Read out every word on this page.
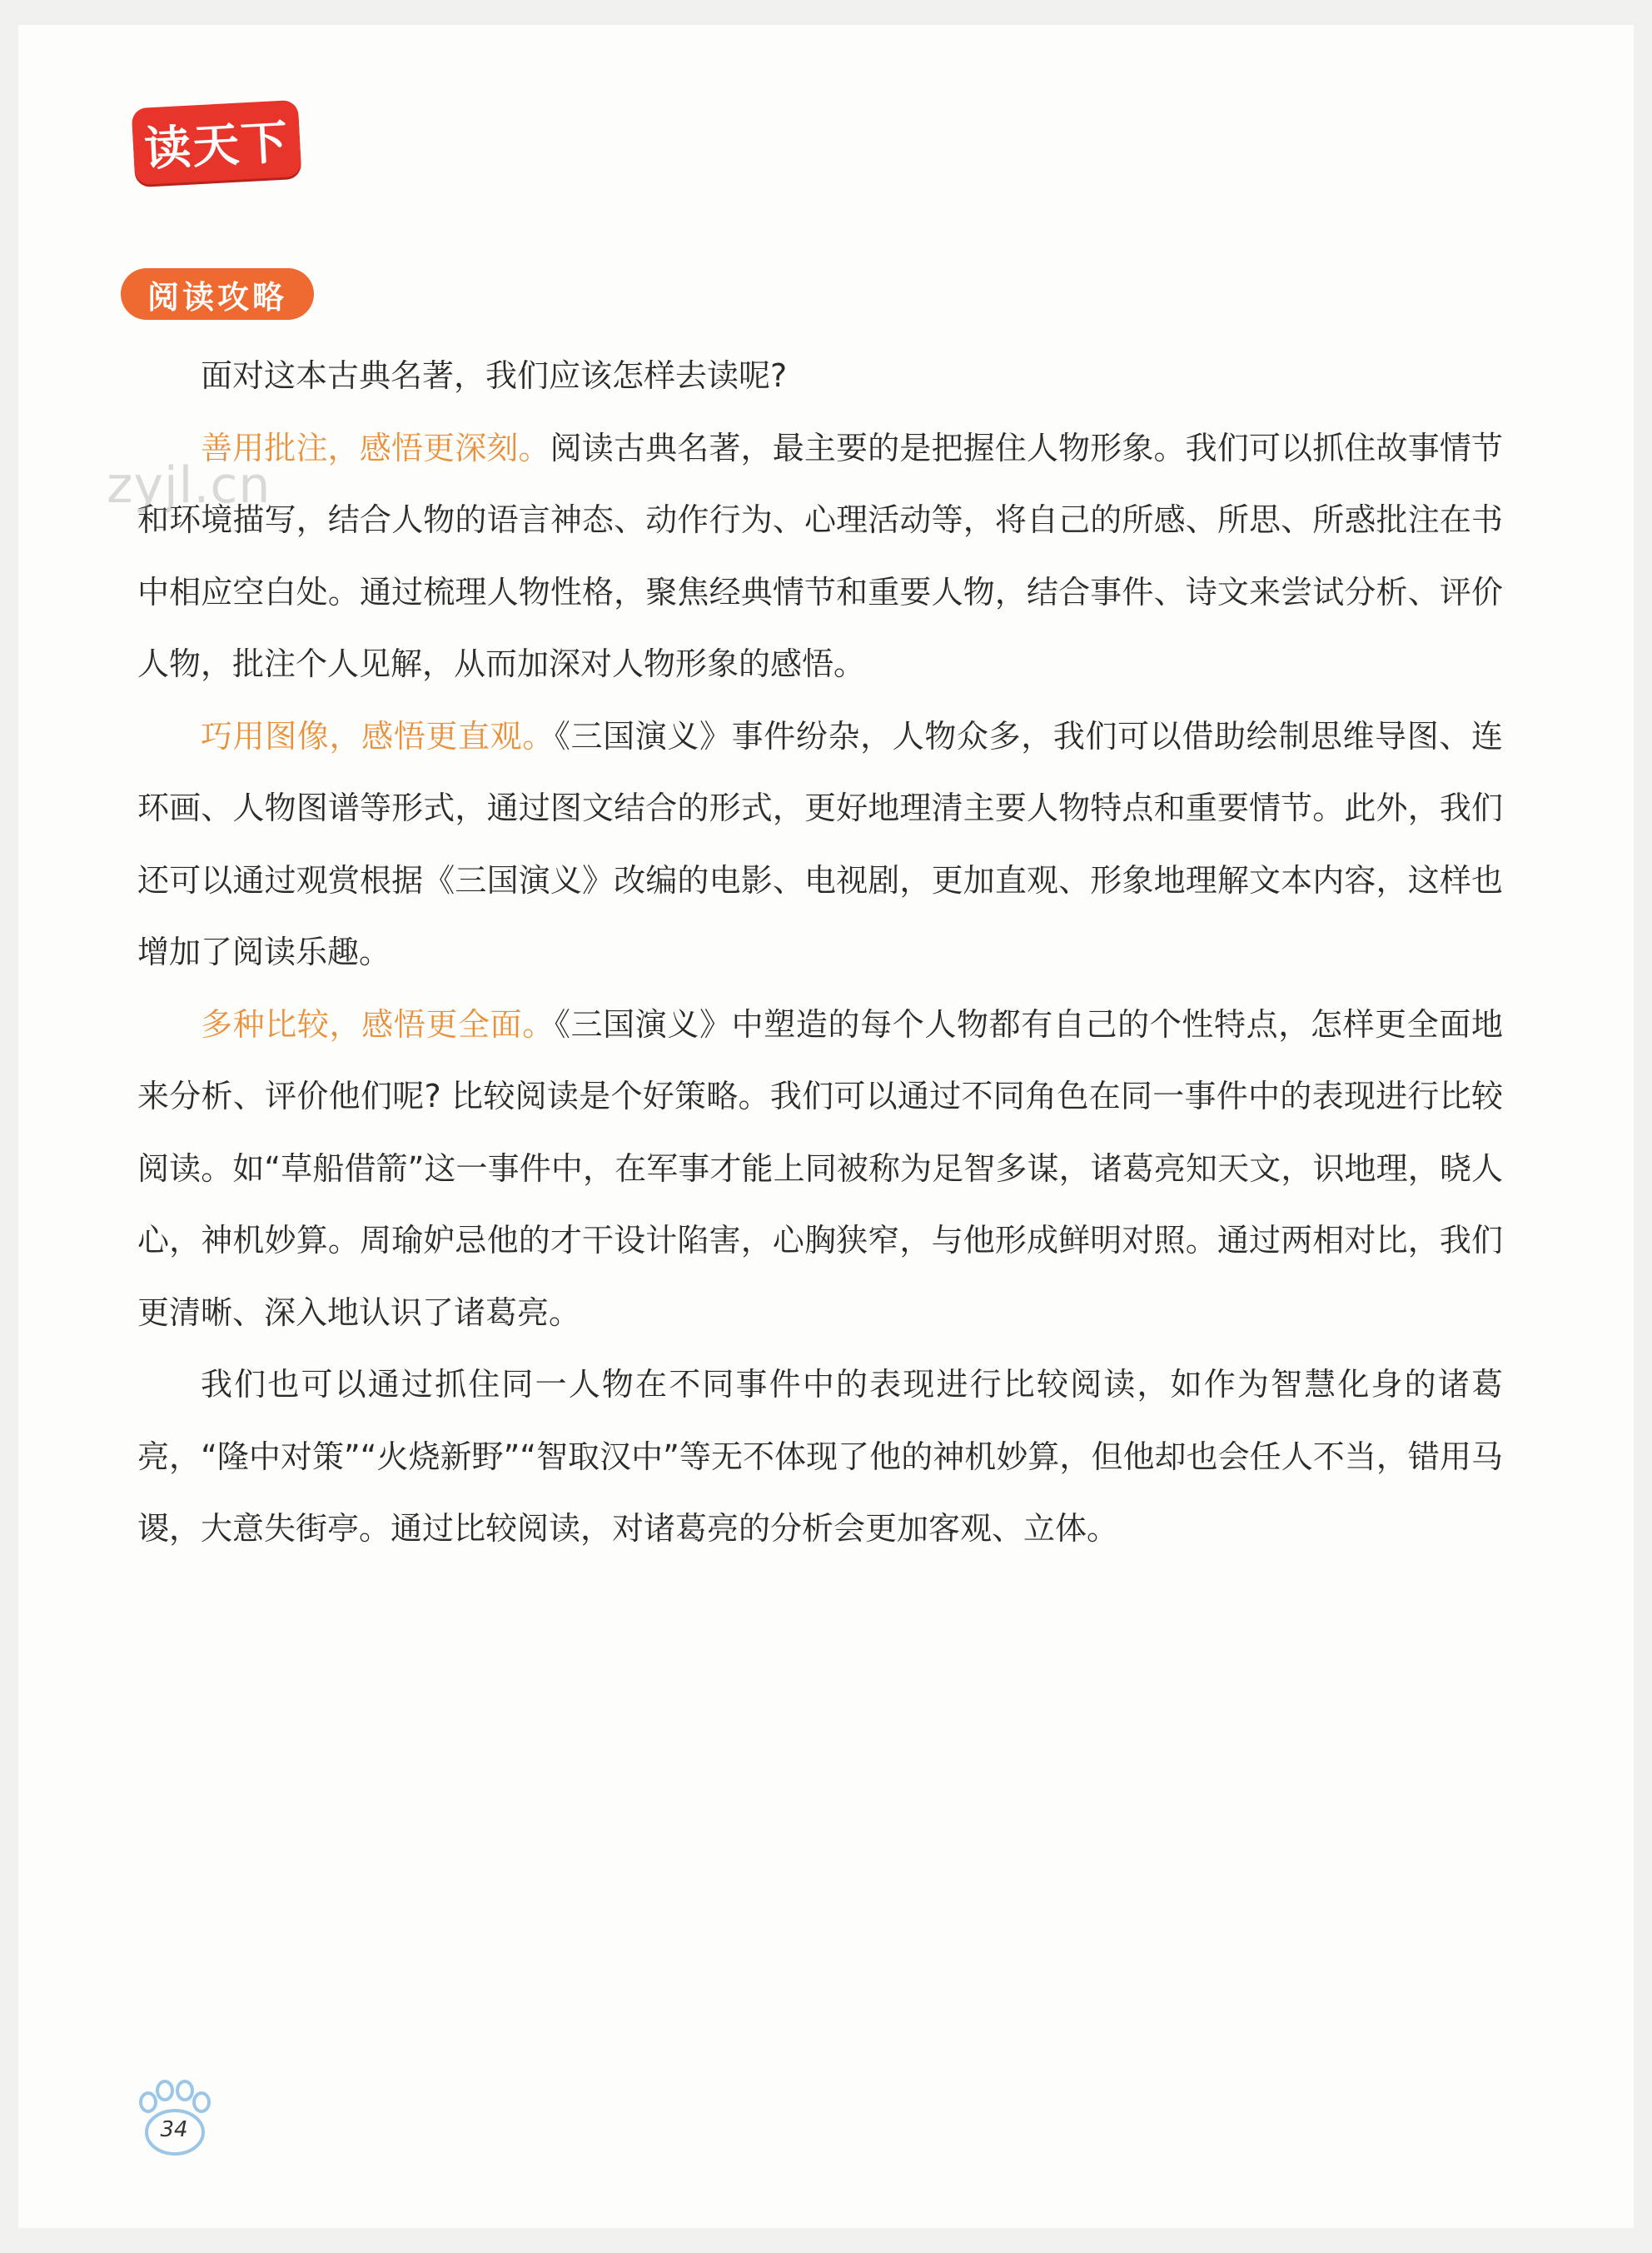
读天下
阅读攻略
zyjl.cn

面对这本古典名著，我们应该怎样去读呢?

善用批注，感悟更深刻。阅读古典名著，最主要的是把握住人物形象。我们可以抓住故事情节和环境描写，结合人物的语言神态、动作行为、心理活动等，将自己的所感、所思、所惑批注在书中相应空白处。通过梳理人物性格，聚焦经典情节和重要人物，结合事件、诗文来尝试分析、评价人物，批注个人见解，从而加深对人物形象的感悟。

巧用图像，感悟更直观。《三国演义》事件纷杂，人物众多，我们可以借助绘制思维导图、连环画、人物图谱等形式，通过图文结合的形式，更好地理清主要人物特点和重要情节。此外，我们还可以通过观赏根据《三国演义》改编的电影、电视剧，更加直观、形象地理解文本内容，这样也增加了阅读乐趣。

多种比较，感悟更全面。《三国演义》中塑造的每个人物都有自己的个性特点，怎样更全面地来分析、评价他们呢? 比较阅读是个好策略。我们可以通过不同角色在同一事件中的表现进行比较阅读。如“草船借箭”这一事件中，在军事才能上同被称为足智多谋，诸葛亮知天文，识地理，晓人心，神机妙算。周瑜妒忌他的才干设计陷害，心胸狭窄，与他形成鲜明对照。通过两相对比，我们更清晰、深入地认识了诸葛亮。

我们也可以通过抓住同一人物在不同事件中的表现进行比较阅读，如作为智慧化身的诸葛亮，“隆中对策”“火烧新野”“智取汉中”等无不体现了他的神机妙算，但他却也会任人不当，错用马谡，大意失街亭。通过比较阅读，对诸葛亮的分析会更加客观、立体。

34
